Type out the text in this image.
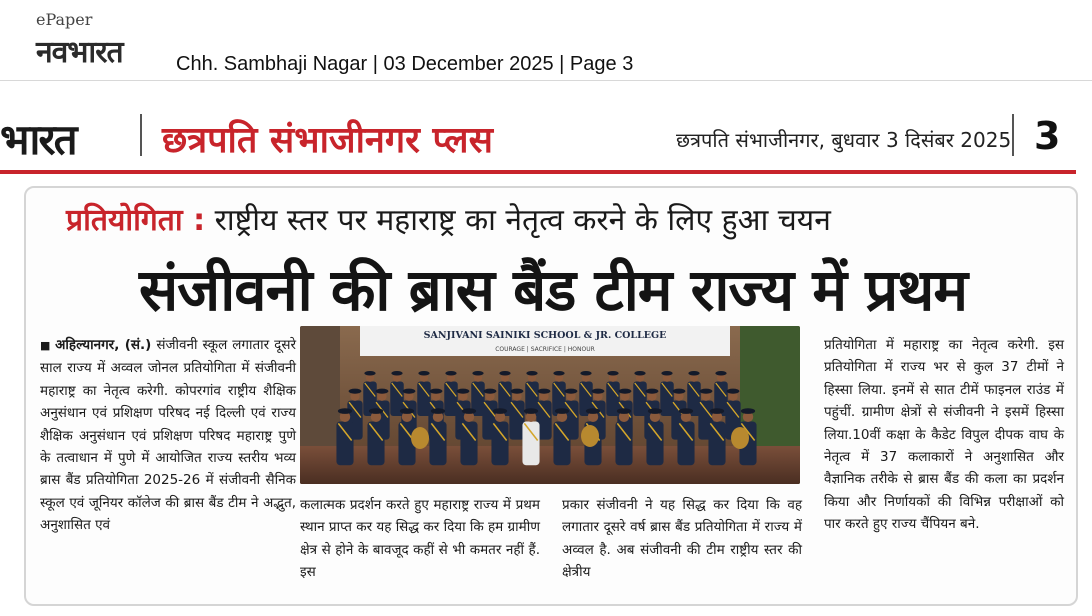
ePaper
नवभारत	Chh. Sambhaji Nagar | 03 December 2025 | Page 3
भारत छत्रपति संभाजीनगर प्लस	छत्रपति संभाजीनगर, बुधवार 3 दिसंबर 2025 3
प्रतियोगिता : राष्ट्रीय स्तर पर महाराष्ट्र का नेतृत्व करने के लिए हुआ चयन
संजीवनी की ब्रास बैंड टीम राज्य में प्रथम
■ अहिल्यानगर, (सं.) संजीवनी स्कूल लगातार दूसरे साल राज्य में अव्वल जोनल प्रतियोगिता में संजीवनी महाराष्ट्र का नेतृत्व करेगी. कोपरगांव राष्ट्रीय शैक्षिक अनुसंधान एवं प्रशिक्षण परिषद नई दिल्ली एवं राज्य शैक्षिक अनुसंधान एवं प्रशिक्षण परिषद महाराष्ट्र पुणे के तत्वाधान में पुणे में आयोजित राज्य स्तरीय भव्य ब्रास बैंड प्रतियोगिता 2025-26 में संजीवनी सैनिक स्कूल एवं जूनियर कॉलेज की ब्रास बैंड टीम ने अद्भुत, अनुशासित एवं
SANJIVANI SAINIKI SCHOOL & JR. COLLEGE
COURAGE | SACRIFICE | HONOUR
कलात्मक प्रदर्शन करते हुए महाराष्ट्र राज्य में प्रथम स्थान प्राप्त कर यह सिद्ध कर दिया कि हम ग्रामीण क्षेत्र से होने के बावजूद कहीं से भी कमतर नहीं हैं. इस
प्रकार संजीवनी ने यह सिद्ध कर दिया कि वह लगातार दूसरे वर्ष ब्रास बैंड प्रतियोगिता में राज्य में अव्वल है. अब संजीवनी की टीम राष्ट्रीय स्तर की क्षेत्रीय
प्रतियोगिता में महाराष्ट्र का नेतृत्व करेगी. इस प्रतियोगिता में राज्य भर से कुल 37 टीमों ने हिस्सा लिया. इनमें से सात टीमें फाइनल राउंड में पहुंचीं. ग्रामीण क्षेत्रों से संजीवनी ने इसमें हिस्सा लिया.10वीं कक्षा के कैडेट विपुल दीपक वाघ के नेतृत्व में 37 कलाकारों ने अनुशासित और वैज्ञानिक तरीके से ब्रास बैंड की कला का प्रदर्शन किया और निर्णायकों की विभिन्न परीक्षाओं को पार करते हुए राज्य चैंपियन बने.
